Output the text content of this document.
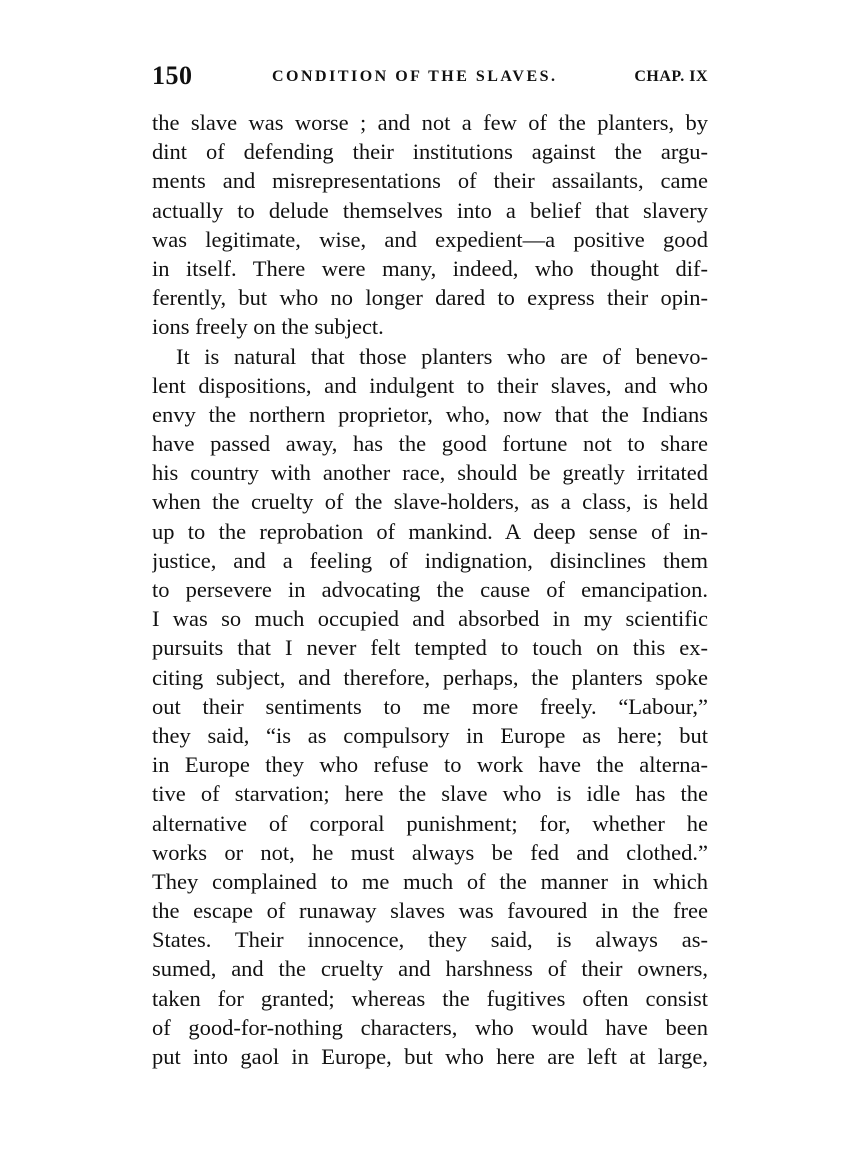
150	CONDITION OF THE SLAVES.	CHAP. IX
the slave was worse ; and not a few of the planters, by
dint of defending their institutions against the argu-
ments and misrepresentations of their assailants, came
actually to delude themselves into a belief that slavery
was legitimate, wise, and expedient—a positive good
in itself. There were many, indeed, who thought dif-
ferently, but who no longer dared to express their opin-
ions freely on the subject.
It is natural that those planters who are of benevo-
lent dispositions, and indulgent to their slaves, and who
envy the northern proprietor, who, now that the Indians
have passed away, has the good fortune not to share
his country with another race, should be greatly irritated
when the cruelty of the slave-holders, as a class, is held
up to the reprobation of mankind. A deep sense of in-
justice, and a feeling of indignation, disinclines them
to persevere in advocating the cause of emancipation.
I was so much occupied and absorbed in my scientific
pursuits that I never felt tempted to touch on this ex-
citing subject, and therefore, perhaps, the planters spoke
out their sentiments to me more freely. “Labour,”
they said, “is as compulsory in Europe as here; but
in Europe they who refuse to work have the alterna-
tive of starvation; here the slave who is idle has the
alternative of corporal punishment; for, whether he
works or not, he must always be fed and clothed.”
They complained to me much of the manner in which
the escape of runaway slaves was favoured in the free
States. Their innocence, they said, is always as-
sumed, and the cruelty and harshness of their owners,
taken for granted; whereas the fugitives often consist
of good-for-nothing characters, who would have been
put into gaol in Europe, but who here are left at large,
